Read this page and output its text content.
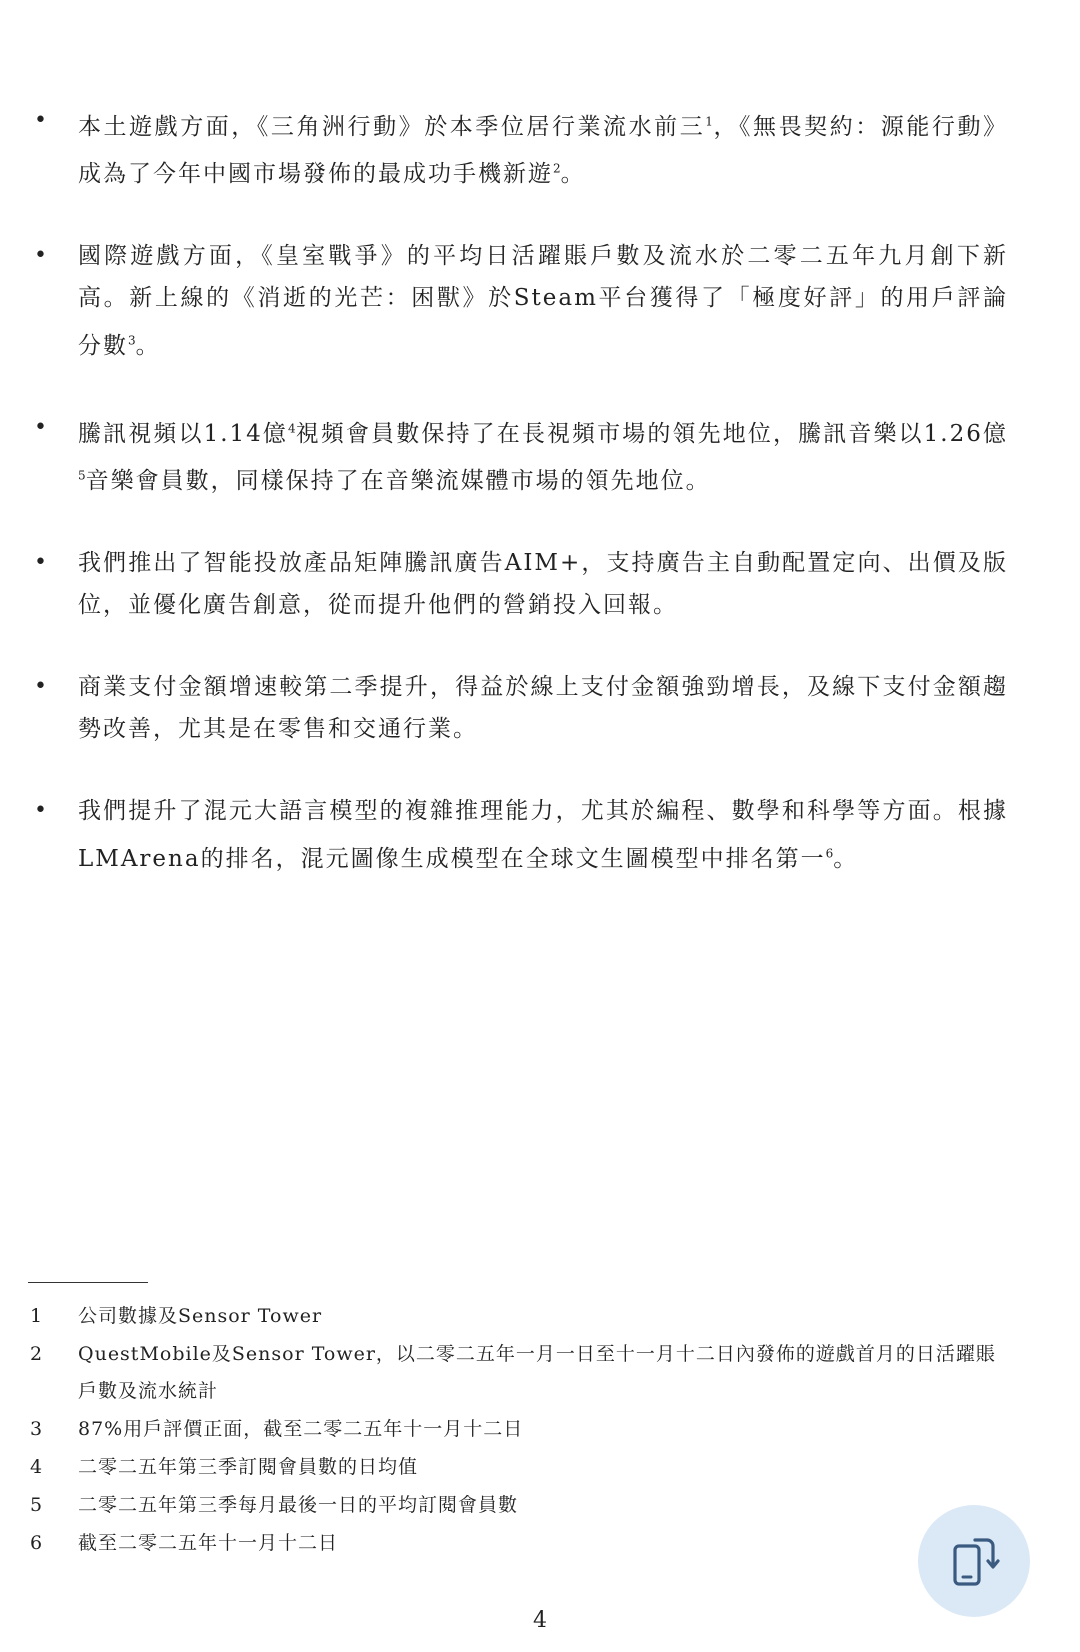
• 本土遊戲方面，《三角洲行動》於本季位居行業流水前三$^1$，《無畏契約：源能行動》成為了今年中國市場發佈的最成功手機新遊$^2$。
• 國際遊戲方面，《皇室戰爭》的平均日活躍賬戶數及流水於二零二五年九月創下新高。新上線的《消逝的光芒：困獸》於Steam平台獲得了「極度好評」的用戶評論分數$^3$。
• 騰訊視頻以1.14億$^4$視頻會員數保持了在長視頻市場的領先地位，騰訊音樂以1.26億$^5$音樂會員數，同樣保持了在音樂流媒體市場的領先地位。
• 我們推出了智能投放產品矩陣騰訊廣告AIM+，支持廣告主自動配置定向、出價及版位，並優化廣告創意，從而提升他們的營銷投入回報。
• 商業支付金額增速較第二季提升，得益於線上支付金額強勁增長，及線下支付金額趨勢改善，尤其是在零售和交通行業。
• 我們提升了混元大語言模型的複雜推理能力，尤其於編程、數學和科學等方面。根據LMArena的排名，混元圖像生成模型在全球文生圖模型中排名第一$^6$。
1 公司數據及Sensor Tower
2 QuestMobile及Sensor Tower，以二零二五年一月一日至十一月十二日內發佈的遊戲首月的日活躍賬戶數及流水統計
3 87%用戶評價正面，截至二零二五年十一月十二日
4 二零二五年第三季訂閱會員數的日均值
5 二零二五年第三季每月最後一日的平均訂閱會員數
6 截至二零二五年十一月十二日
4
